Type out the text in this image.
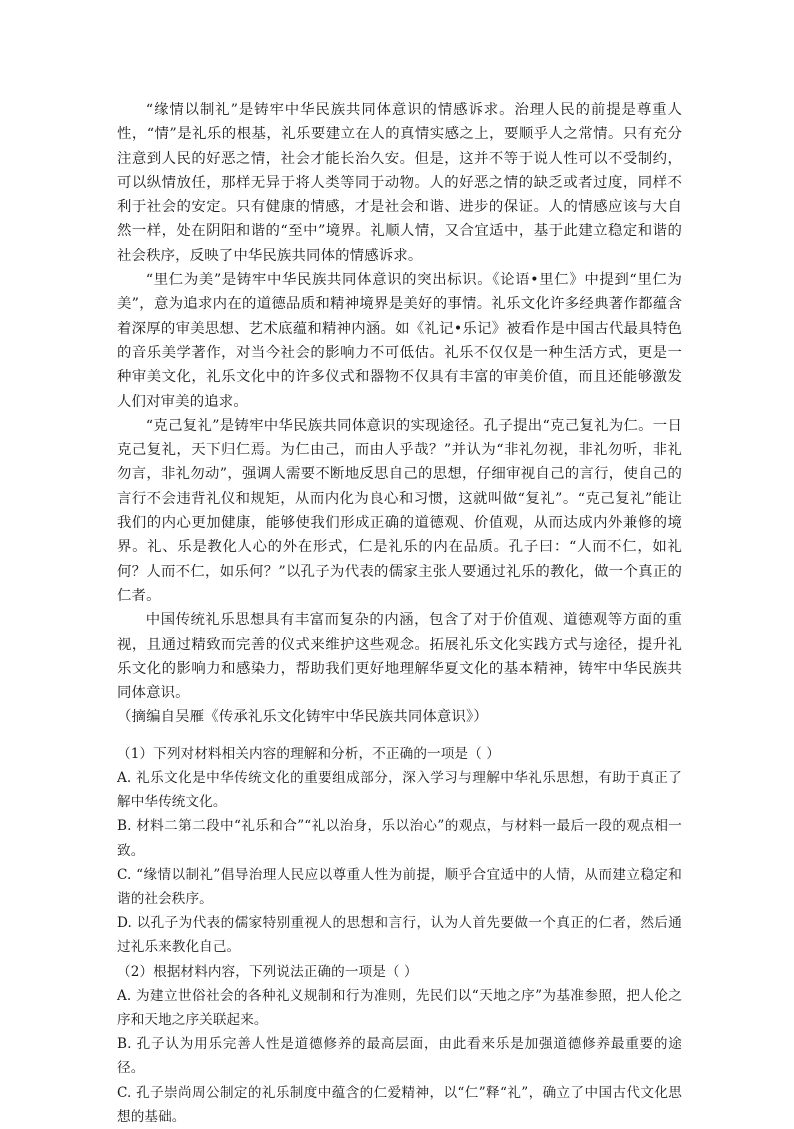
“缘情以制礼”是铸牢中华民族共同体意识的情感诉求。治理人民的前提是尊重人性，“情”是礼乐的根基，礼乐要建立在人的真情实感之上，要顺乎人之常情。只有充分注意到人民的好恶之情，社会才能长治久安。但是，这并不等于说人性可以不受制约，可以纵情放任，那样无异于将人类等同于动物。人的好恶之情的缺乏或者过度，同样不利于社会的安定。只有健康的情感，才是社会和谐、进步的保证。人的情感应该与大自然一样，处在阴阳和谐的“至中”境界。礼顺人情，又合宜适中，基于此建立稳定和谐的社会秩序，反映了中华民族共同体的情感诉求。

“里仁为美”是铸牢中华民族共同体意识的突出标识。《论语•里仁》中提到“里仁为美”，意为追求内在的道德品质和精神境界是美好的事情。礼乐文化许多经典著作都蕴含着深厚的审美思想、艺术底蕴和精神内涵。如《礼记•乐记》被看作是中国古代最具特色的音乐美学著作，对当今社会的影响力不可低估。礼乐不仅仅是一种生活方式，更是一种审美文化，礼乐文化中的许多仪式和器物不仅具有丰富的审美价值，而且还能够激发人们对审美的追求。

“克己复礼”是铸牢中华民族共同体意识的实现途径。孔子提出“克己复礼为仁。一日克己复礼，天下归仁焉。为仁由己，而由人乎哉？”并认为“非礼勿视，非礼勿听，非礼勿言，非礼勿动”，强调人需要不断地反思自己的思想，仔细审视自己的言行，使自己的言行不会违背礼仪和规矩，从而内化为良心和习惯，这就叫做“复礼”。“克己复礼”能让我们的内心更加健康，能够使我们形成正确的道德观、价值观，从而达成内外兼修的境界。礼、乐是教化人心的外在形式，仁是礼乐的内在品质。孔子曰：“人而不仁，如礼何？人而不仁，如乐何？”以孔子为代表的儒家主张人要通过礼乐的教化，做一个真正的仁者。

中国传统礼乐思想具有丰富而复杂的内涵，包含了对于价值观、道德观等方面的重视，且通过精致而完善的仪式来维护这些观念。拓展礼乐文化实践方式与途径，提升礼乐文化的影响力和感染力，帮助我们更好地理解华夏文化的基本精神，铸牢中华民族共同体意识。

（摘编自吴雁《传承礼乐文化铸牢中华民族共同体意识》）

（1）下列对材料相关内容的理解和分析，不正确的一项是（ ）

A. 礼乐文化是中华传统文化的重要组成部分，深入学习与理解中华礼乐思想，有助于真正了解中华传统文化。

B. 材料二第二段中“礼乐和合”“礼以治身，乐以治心”的观点，与材料一最后一段的观点相一致。

C. “缘情以制礼”倡导治理人民应以尊重人性为前提，顺乎合宜适中的人情，从而建立稳定和谐的社会秩序。

D. 以孔子为代表的儒家特别重视人的思想和言行，认为人首先要做一个真正的仁者，然后通过礼乐来教化自己。

（2）根据材料内容，下列说法正确的一项是（ ）

A. 为建立世俗社会的各种礼义规制和行为准则，先民们以“天地之序”为基准参照，把人伦之序和天地之序关联起来。

B. 孔子认为用乐完善人性是道德修养的最高层面，由此看来乐是加强道德修养最重要的途径。

C. 孔子崇尚周公制定的礼乐制度中蕴含的仁爱精神，以“仁”释“礼”，确立了中国古代文化思想的基础。
